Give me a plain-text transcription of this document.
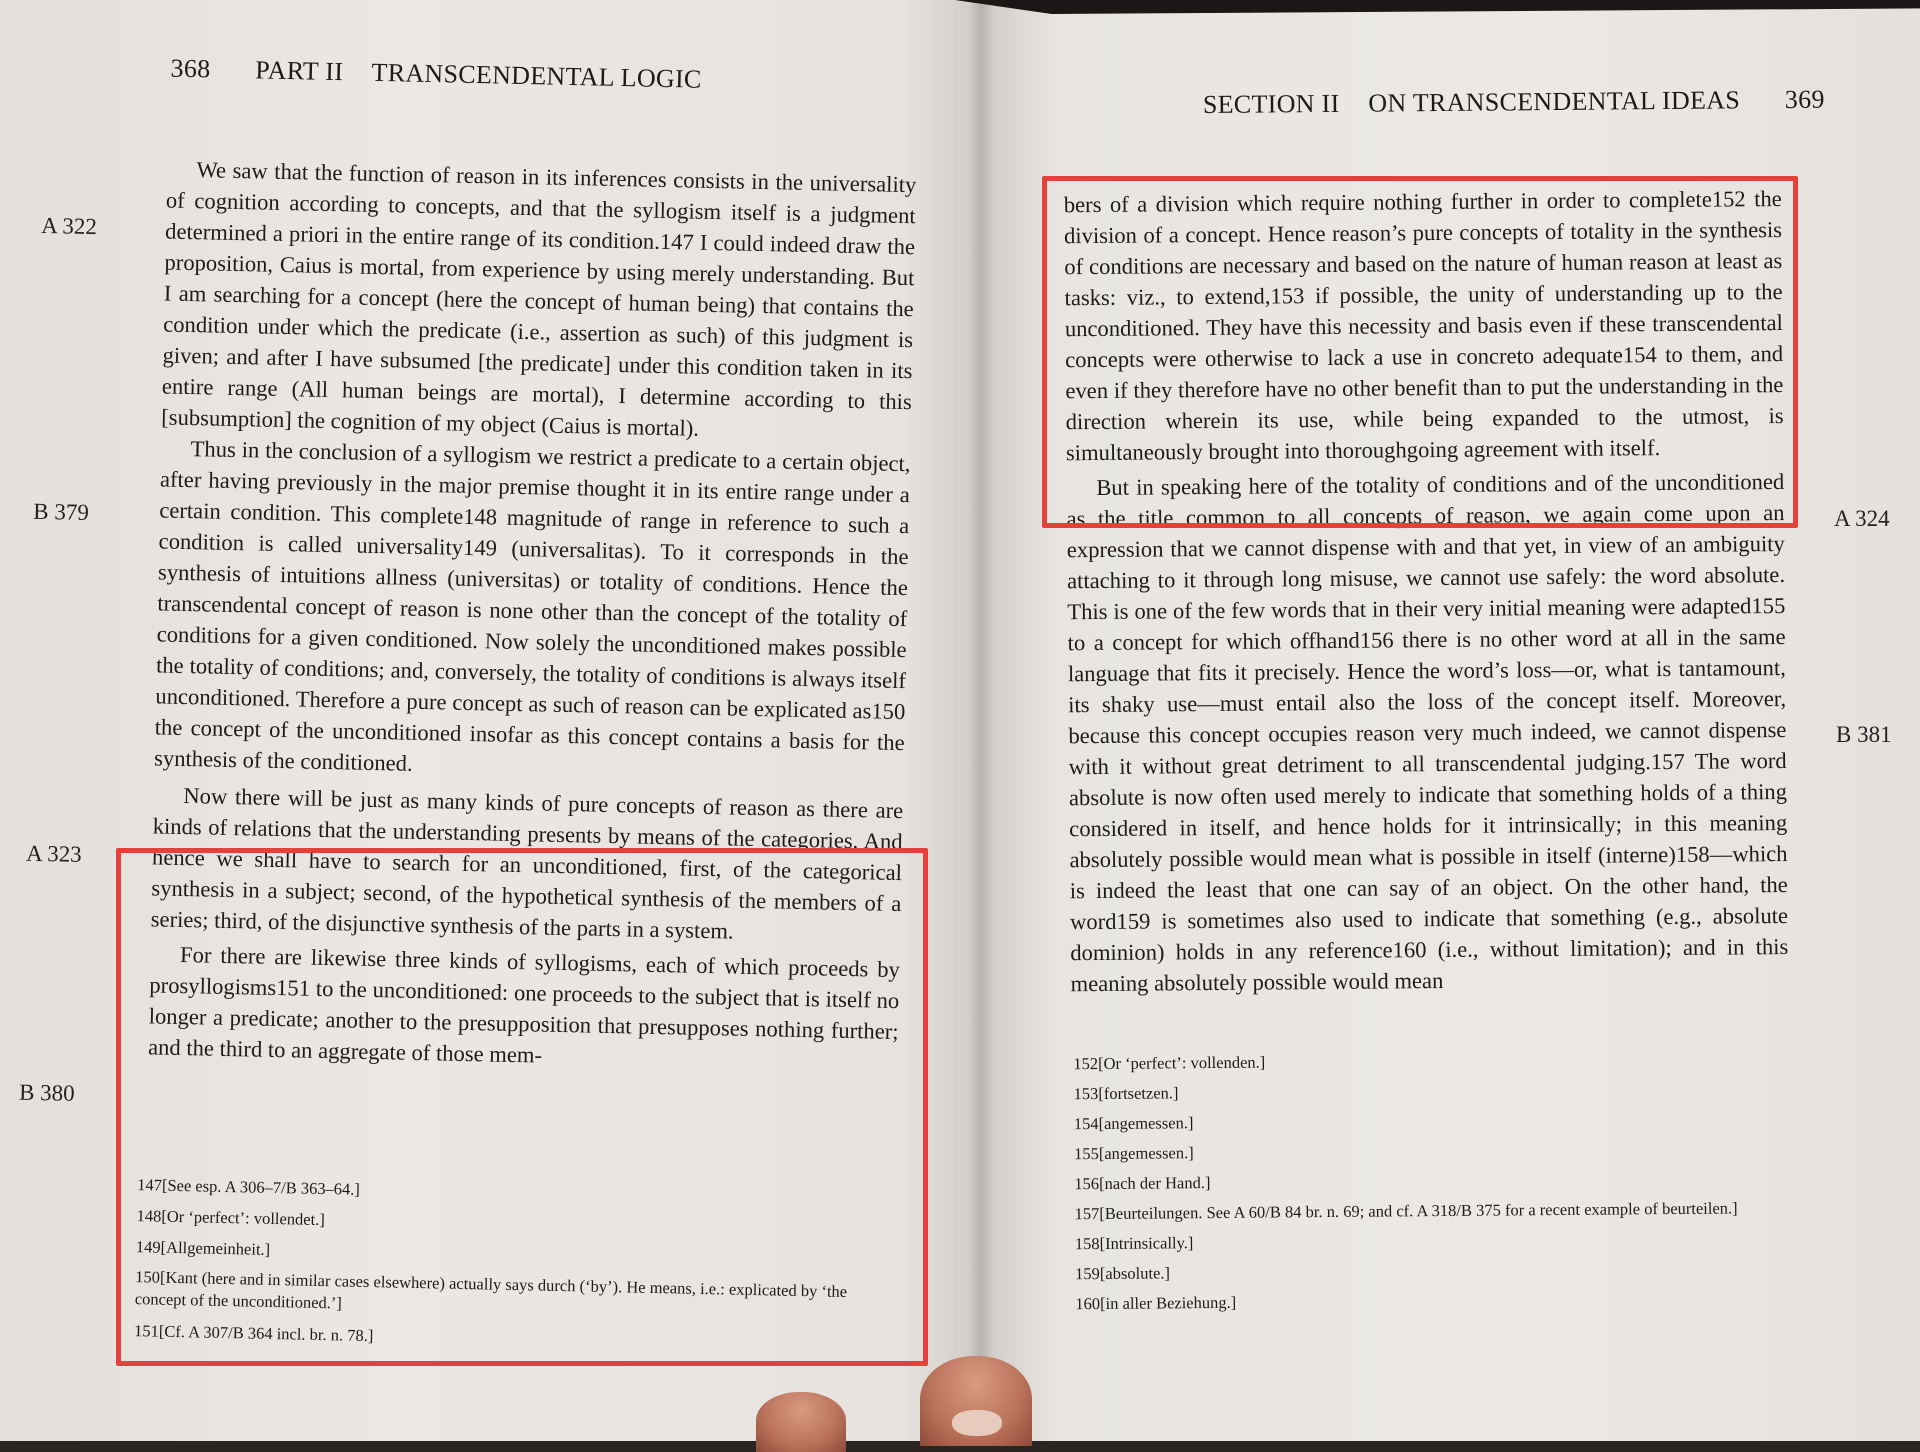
368 PART II TRANSCENDENTAL LOGIC
A 322
B 379
A 323
B 380

We saw that the function of reason in its inferences consists in the universality of cognition according to concepts, and that the syllogism itself is a judgment determined a priori in the entire range of its condition.147 I could indeed draw the proposition, Caius is mortal, from experience by using merely understanding. But I am searching for a concept (here the concept of human being) that contains the condition under which the predicate (i.e., assertion as such) of this judgment is given; and after I have subsumed [the predicate] under this condition taken in its entire range (All human beings are mortal), I determine according to this [subsumption] the cognition of my object (Caius is mortal).

Thus in the conclusion of a syllogism we restrict a predicate to a certain object, after having previously in the major premise thought it in its entire range under a certain condition. This complete148 magnitude of range in reference to such a condition is called universality149 (universalitas). To it corresponds in the synthesis of intuitions allness (universitas) or totality of conditions. Hence the transcendental concept of reason is none other than the concept of the totality of conditions for a given conditioned. Now solely the unconditioned makes possible the totality of conditions; and, conversely, the totality of conditions is always itself unconditioned. Therefore a pure concept as such of reason can be explicated as150 the concept of the unconditioned insofar as this concept contains a basis for the synthesis of the conditioned.

Now there will be just as many kinds of pure concepts of reason as there are kinds of relations that the understanding presents by means of the categories. And hence we shall have to search for an unconditioned, first, of the categorical synthesis in a subject; second, of the hypothetical synthesis of the members of a series; third, of the disjunctive synthesis of the parts in a system.

For there are likewise three kinds of syllogisms, each of which proceeds by prosyllogisms151 to the unconditioned: one proceeds to the subject that is itself no longer a predicate; another to the presupposition that presupposes nothing further; and the third to an aggregate of those mem-

147[See esp. A 306–7/B 363–64.]
148[Or ‘perfect’: vollendet.]
149[Allgemeinheit.]
150[Kant (here and in similar cases elsewhere) actually says durch (‘by’). He means, i.e.: explicated by ‘the concept of the unconditioned.’]
151[Cf. A 307/B 364 incl. br. n. 78.]
SECTION II ON TRANSCENDENTAL IDEAS 369

bers of a division which require nothing further in order to complete152 the division of a concept. Hence reason’s pure concepts of totality in the synthesis of conditions are necessary and based on the nature of human reason at least as tasks: viz., to extend,153 if possible, the unity of understanding up to the unconditioned. They have this necessity and basis even if these transcendental concepts were otherwise to lack a use in concreto adequate154 to them, and even if they therefore have no other benefit than to put the understanding in the direction wherein its use, while being expanded to the utmost, is simultaneously brought into thoroughgoing agreement with itself.

But in speaking here of the totality of conditions and of the unconditioned as the title common to all concepts of reason, we again come upon an expression that we cannot dispense with and that yet, in view of an ambiguity attaching to it through long misuse, we cannot use safely: the word absolute. This is one of the few words that in their very initial meaning were adapted155 to a concept for which offhand156 there is no other word at all in the same language that fits it precisely. Hence the word’s loss—or, what is tantamount, its shaky use—must entail also the loss of the concept itself. Moreover, because this concept occupies reason very much indeed, we cannot dispense with it without great detriment to all transcendental judging.157 The word absolute is now often used merely to indicate that something holds of a thing considered in itself, and hence holds for it intrinsically; in this meaning absolutely possible would mean what is possible in itself (interne)158—which is indeed the least that one can say of an object. On the other hand, the word159 is sometimes also used to indicate that something (e.g., absolute dominion) holds in any reference160 (i.e., without limitation); and in this meaning absolutely possible would mean

152[Or ‘perfect’: vollenden.]
153[fortsetzen.]
154[angemessen.]
155[angemessen.]
156[nach der Hand.]
157[Beurteilungen. See A 60/B 84 br. n. 69; and cf. A 318/B 375 for a recent example of beurteilen.]
158[Intrinsically.]
159[absolute.]
160[in aller Beziehung.]
A 324
B 381
